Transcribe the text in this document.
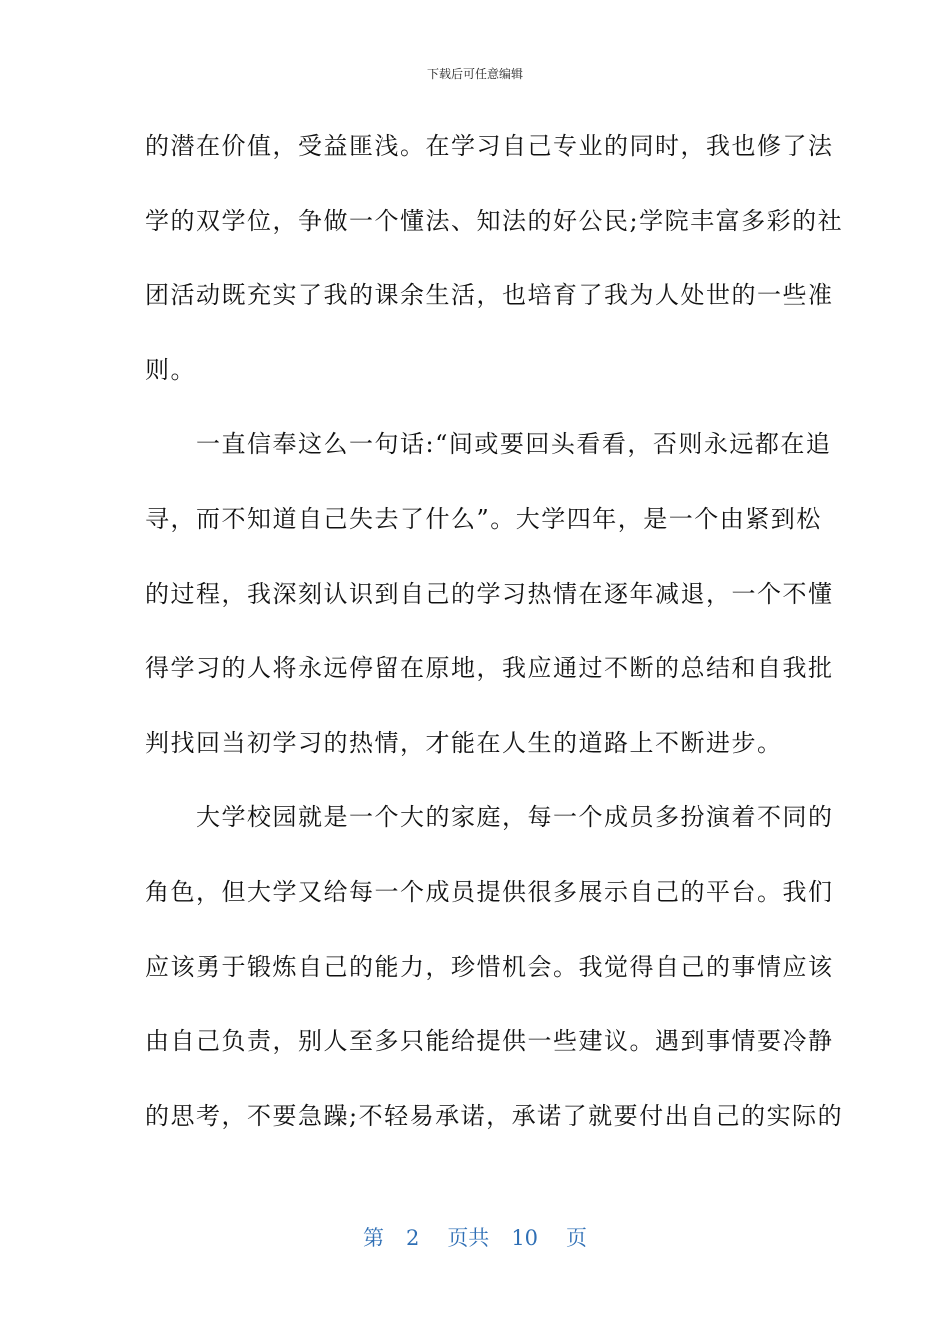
下载后可任意编辑
的潜在价值，受益匪浅。在学习自己专业的同时，我也修了法
学的双学位，争做一个懂法、知法的好公民;学院丰富多彩的社
团活动既充实了我的课余生活，也培育了我为人处世的一些准
则。
　　一直信奉这么一句话:“间或要回头看看，否则永远都在追
寻，而不知道自己失去了什么”。大学四年，是一个由紧到松
的过程，我深刻认识到自己的学习热情在逐年减退，一个不懂
得学习的人将永远停留在原地，我应通过不断的总结和自我批
判找回当初学习的热情，才能在人生的道路上不断进步。
　　大学校园就是一个大的家庭，每一个成员多扮演着不同的
角色，但大学又给每一个成员提供很多展示自己的平台。我们
应该勇于锻炼自己的能力，珍惜机会。我觉得自己的事情应该
由自己负责，别人至多只能给提供一些建议。遇到事情要冷静
的思考，不要急躁;不轻易承诺，承诺了就要付出自己的实际的
第 2 页共 10 页
